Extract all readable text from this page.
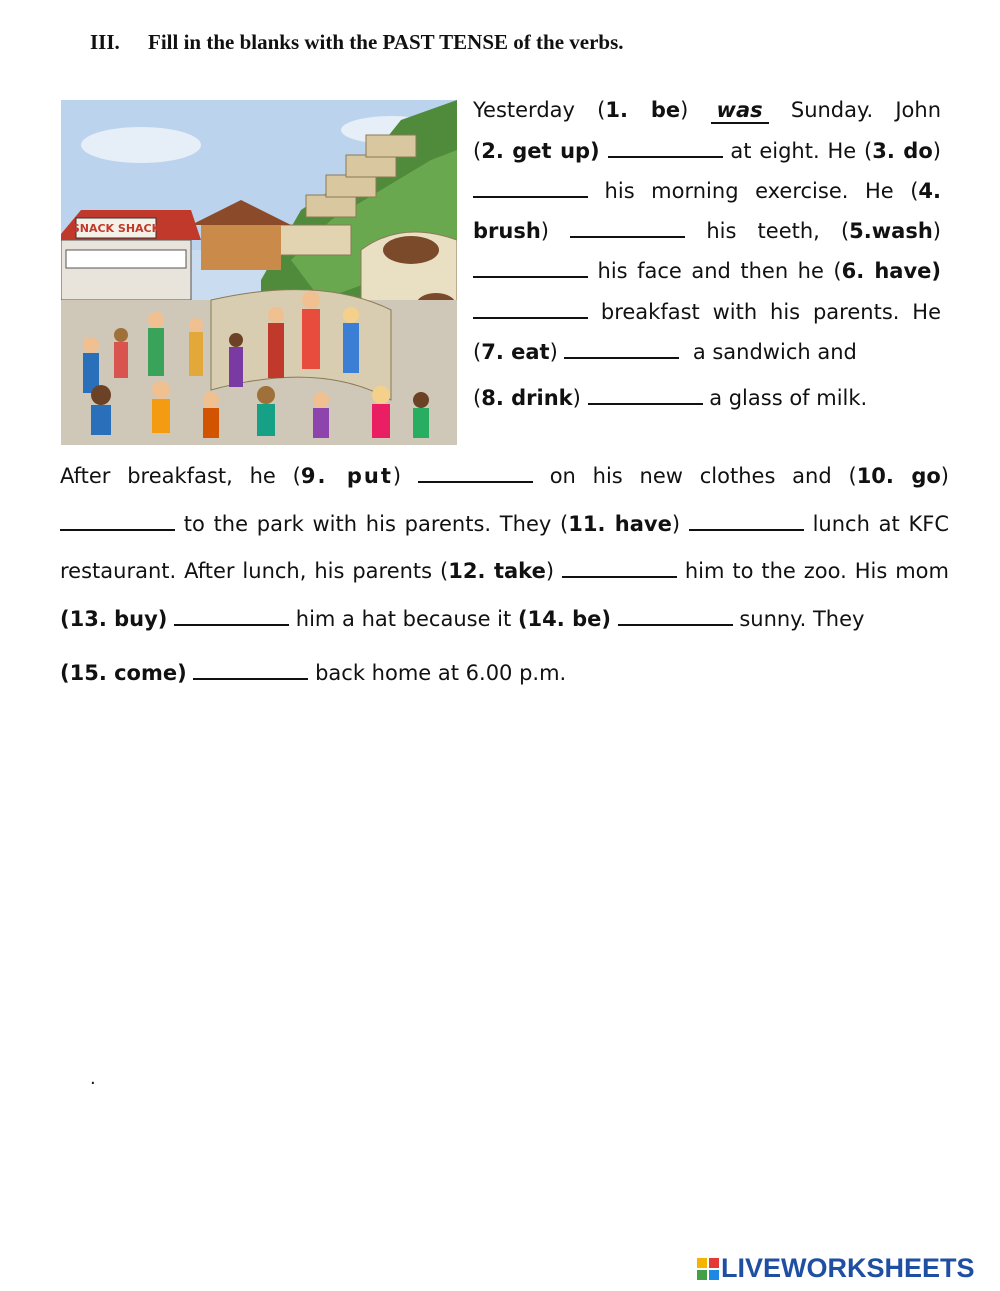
III. Fill in the blanks with the PAST TENSE of the verbs.
SNACK SHACK
Yesterday (1. be) was Sunday. John
(2. get up)	at eight. He (3. do)
his morning exercise. He (4.
brush)	his teeth, (5.wash)
his face and then he (6. have)
breakfast with his parents. He
(7. eat)	a sandwich and
(8. drink)	a glass of milk.
After breakfast, he (9. put)	on his new clothes and (10. go)
to the park with his parents. They (11. have)	lunch at KFC
restaurant. After lunch, his parents (12. take)	him to the zoo. His mom
(13. buy)	him a hat because it (14. be)	sunny. They
(15. come)	back home at 6.00 p.m.
.
LIVEWORKSHEETS
